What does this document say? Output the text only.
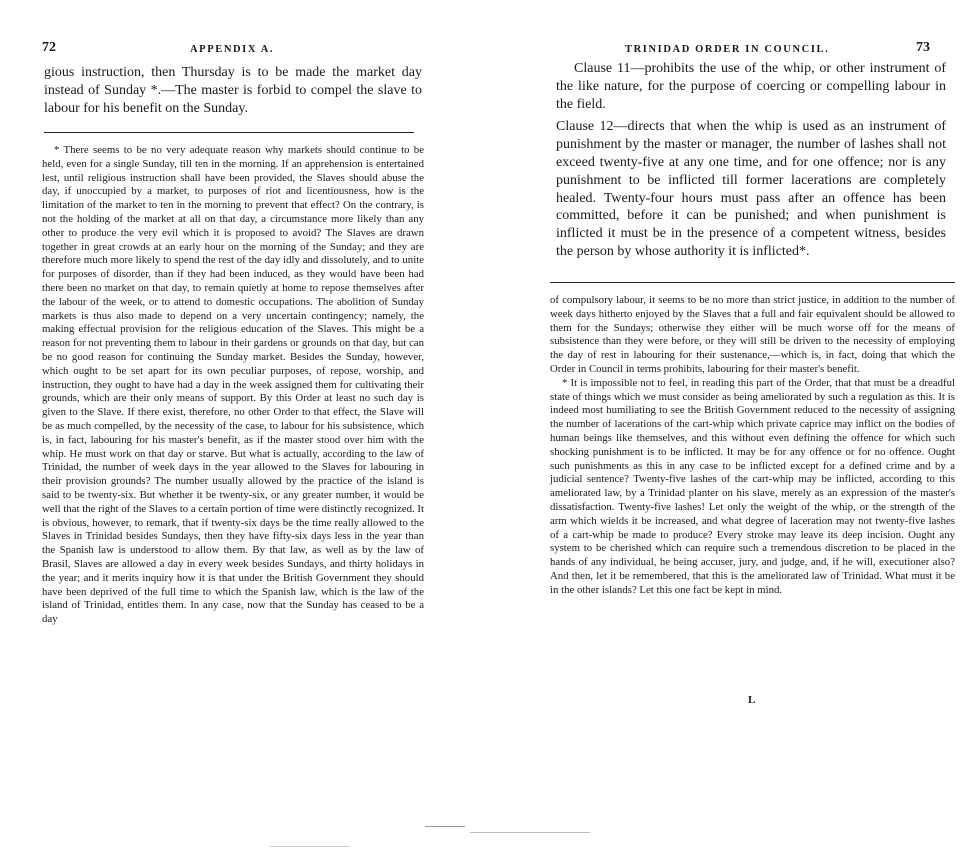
72	APPENDIX A.

gious instruction, then Thursday is to be made the market day instead of Sunday *.—The master is forbid to compel the slave to labour for his benefit on the Sunday.

* There seems to be no very adequate reason why markets should continue to be held, even for a single Sunday, till ten in the morning. If an apprehension is entertained lest, until religious instruction shall have been provided, the Slaves should abuse the day, if unoccupied by a market, to purposes of riot and licentiousness, how is the limitation of the market to ten in the morning to prevent that effect? On the contrary, is not the holding of the market at all on that day, a circumstance more likely than any other to produce the very evil which it is proposed to avoid? The Slaves are drawn together in great crowds at an early hour on the morning of the Sunday; and they are therefore much more likely to spend the rest of the day idly and dissolutely, and to unite for purposes of disorder, than if they had been induced, as they would have been had there been no market on that day, to remain quietly at home to repose themselves after the labour of the week, or to attend to domestic occupations. The abolition of Sunday markets is thus also made to depend on a very uncertain contingency; namely, the making effectual provision for the religious education of the Slaves. This might be a reason for not preventing them to labour in their gardens or grounds on that day, but can be no good reason for continuing the Sunday market. Besides the Sunday, however, which ought to be set apart for its own peculiar purposes, of repose, worship, and instruction, they ought to have had a day in the week assigned them for cultivating their grounds, which are their only means of support. By this Order at least no such day is given to the Slave. If there exist, therefore, no other Order to that effect, the Slave will be as much compelled, by the necessity of the case, to labour for his subsistence, which is, in fact, labouring for his master's benefit, as if the master stood over him with the whip. He must work on that day or starve. But what is actually, according to the law of Trinidad, the number of week days in the year allowed to the Slaves for labouring in their provision grounds? The number usually allowed by the practice of the island is said to be twenty-six. But whether it be twenty-six, or any greater number, it would be well that the right of the Slaves to a certain portion of time were distinctly recognized. It is obvious, however, to remark, that if twenty-six days be the time really allowed to the Slaves in Trinidad besides Sundays, then they have fifty-six days less in the year than the Spanish law is understood to allow them. By that law, as well as by the law of Brasil, Slaves are allowed a day in every week besides Sundays, and thirty holidays in the year; and it merits inquiry how it is that under the British Government they should have been deprived of the full time to which the Spanish law, which is the law of the island of Trinidad, entitles them. In any case, now that the Sunday has ceased to be a day

TRINIDAD ORDER IN COUNCIL.	73

Clause 11—prohibits the use of the whip, or other instrument of the like nature, for the purpose of coercing or compelling labour in the field.

Clause 12—directs that when the whip is used as an instrument of punishment by the master or manager, the number of lashes shall not exceed twenty-five at any one time, and for one offence; nor is any punishment to be inflicted till former lacerations are completely healed. Twenty-four hours must pass after an offence has been committed, before it can be punished; and when punishment is inflicted it must be in the presence of a competent witness, besides the person by whose authority it is inflicted*.

of compulsory labour, it seems to be no more than strict justice, in addition to the number of week days hitherto enjoyed by the Slaves that a full and fair equivalent should be allowed to them for the Sundays; otherwise they either will be much worse off for the means of subsistence than they were before, or they will still be driven to the necessity of employing the day of rest in labouring for their sustenance,—which is, in fact, doing that which the Order in Council in terms prohibits, labouring for their master's benefit.

* It is impossible not to feel, in reading this part of the Order, that that must be a dreadful state of things which we must consider as being ameliorated by such a regulation as this. It is indeed most humiliating to see the British Government reduced to the necessity of assigning the number of lacerations of the cart-whip which private caprice may inflict on the bodies of human beings like themselves, and this without even defining the offence for which such shocking punishment is to be inflicted. It may be for any offence or for no offence. Ought such punishments as this in any case to be inflicted except for a defined crime and by a judicial sentence? Twenty-five lashes of the cart-whip may be inflicted, according to this ameliorated law, by a Trinidad planter on his slave, merely as an expression of the master's dissatisfaction. Twenty-five lashes! Let only the weight of the whip, or the strength of the arm which wields it be increased, and what degree of laceration may not twenty-five lashes of a cart-whip be made to produce? Every stroke may leave its deep incision. Ought any system to be cherished which can require such a tremendous discretion to be placed in the hands of any individual, he being accuser, jury, and judge, and, if he will, executioner also? And then, let it be remembered, that this is the ameliorated law of Trinidad. What must it be in the other islands? Let this one fact be kept in mind.

L
